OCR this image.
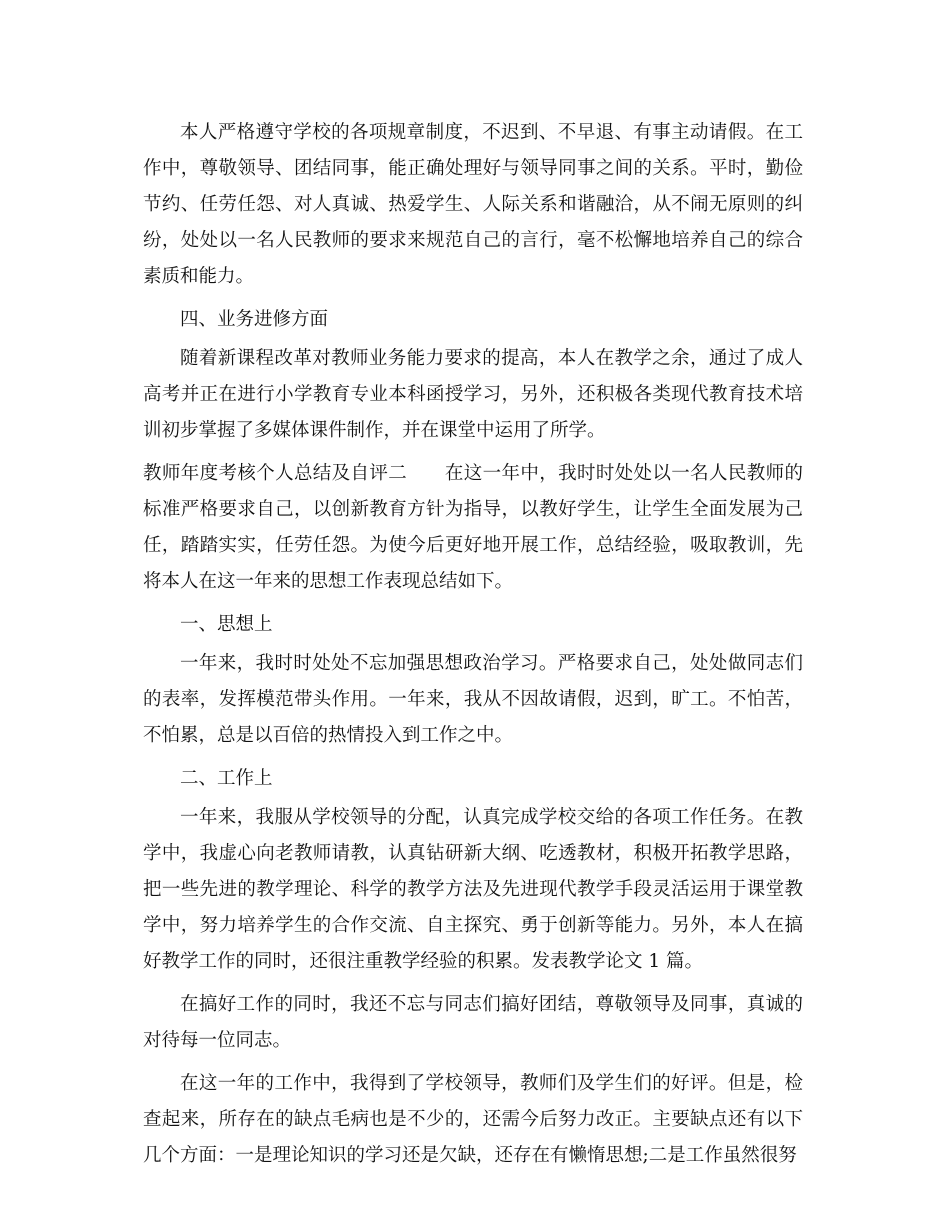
本人严格遵守学校的各项规章制度，不迟到、不早退、有事主动请假。在工作中，尊敬领导、团结同事，能正确处理好与领导同事之间的关系。平时，勤俭节约、任劳任怨、对人真诚、热爱学生、人际关系和谐融洽，从不闹无原则的纠纷，处处以一名人民教师的要求来规范自己的言行，毫不松懈地培养自己的综合素质和能力。

四、业务进修方面

随着新课程改革对教师业务能力要求的提高，本人在教学之余，通过了成人高考并正在进行小学教育专业本科函授学习，另外，还积极各类现代教育技术培训初步掌握了多媒体课件制作，并在课堂中运用了所学。

教师年度考核个人总结及自评二　　在这一年中，我时时处处以一名人民教师的标准严格要求自己，以创新教育方针为指导，以教好学生，让学生全面发展为己任，踏踏实实，任劳任怨。为使今后更好地开展工作，总结经验，吸取教训，先将本人在这一年来的思想工作表现总结如下。

一、思想上

一年来，我时时处处不忘加强思想政治学习。严格要求自己，处处做同志们的表率，发挥模范带头作用。一年来，我从不因故请假，迟到，旷工。不怕苦，不怕累，总是以百倍的热情投入到工作之中。

二、工作上

一年来，我服从学校领导的分配，认真完成学校交给的各项工作任务。在教学中，我虚心向老教师请教，认真钻研新大纲、吃透教材，积极开拓教学思路，把一些先进的教学理论、科学的教学方法及先进现代教学手段灵活运用于课堂教学中，努力培养学生的合作交流、自主探究、勇于创新等能力。另外，本人在搞好教学工作的同时，还很注重教学经验的积累。发表教学论文 1 篇。

在搞好工作的同时，我还不忘与同志们搞好团结，尊敬领导及同事，真诚的对待每一位同志。

在这一年的工作中，我得到了学校领导，教师们及学生们的好评。但是，检查起来，所存在的缺点毛病也是不少的，还需今后努力改正。主要缺点还有以下几个方面：一是理论知识的学习还是欠缺，还存在有懒惰思想;二是工作虽然很努
